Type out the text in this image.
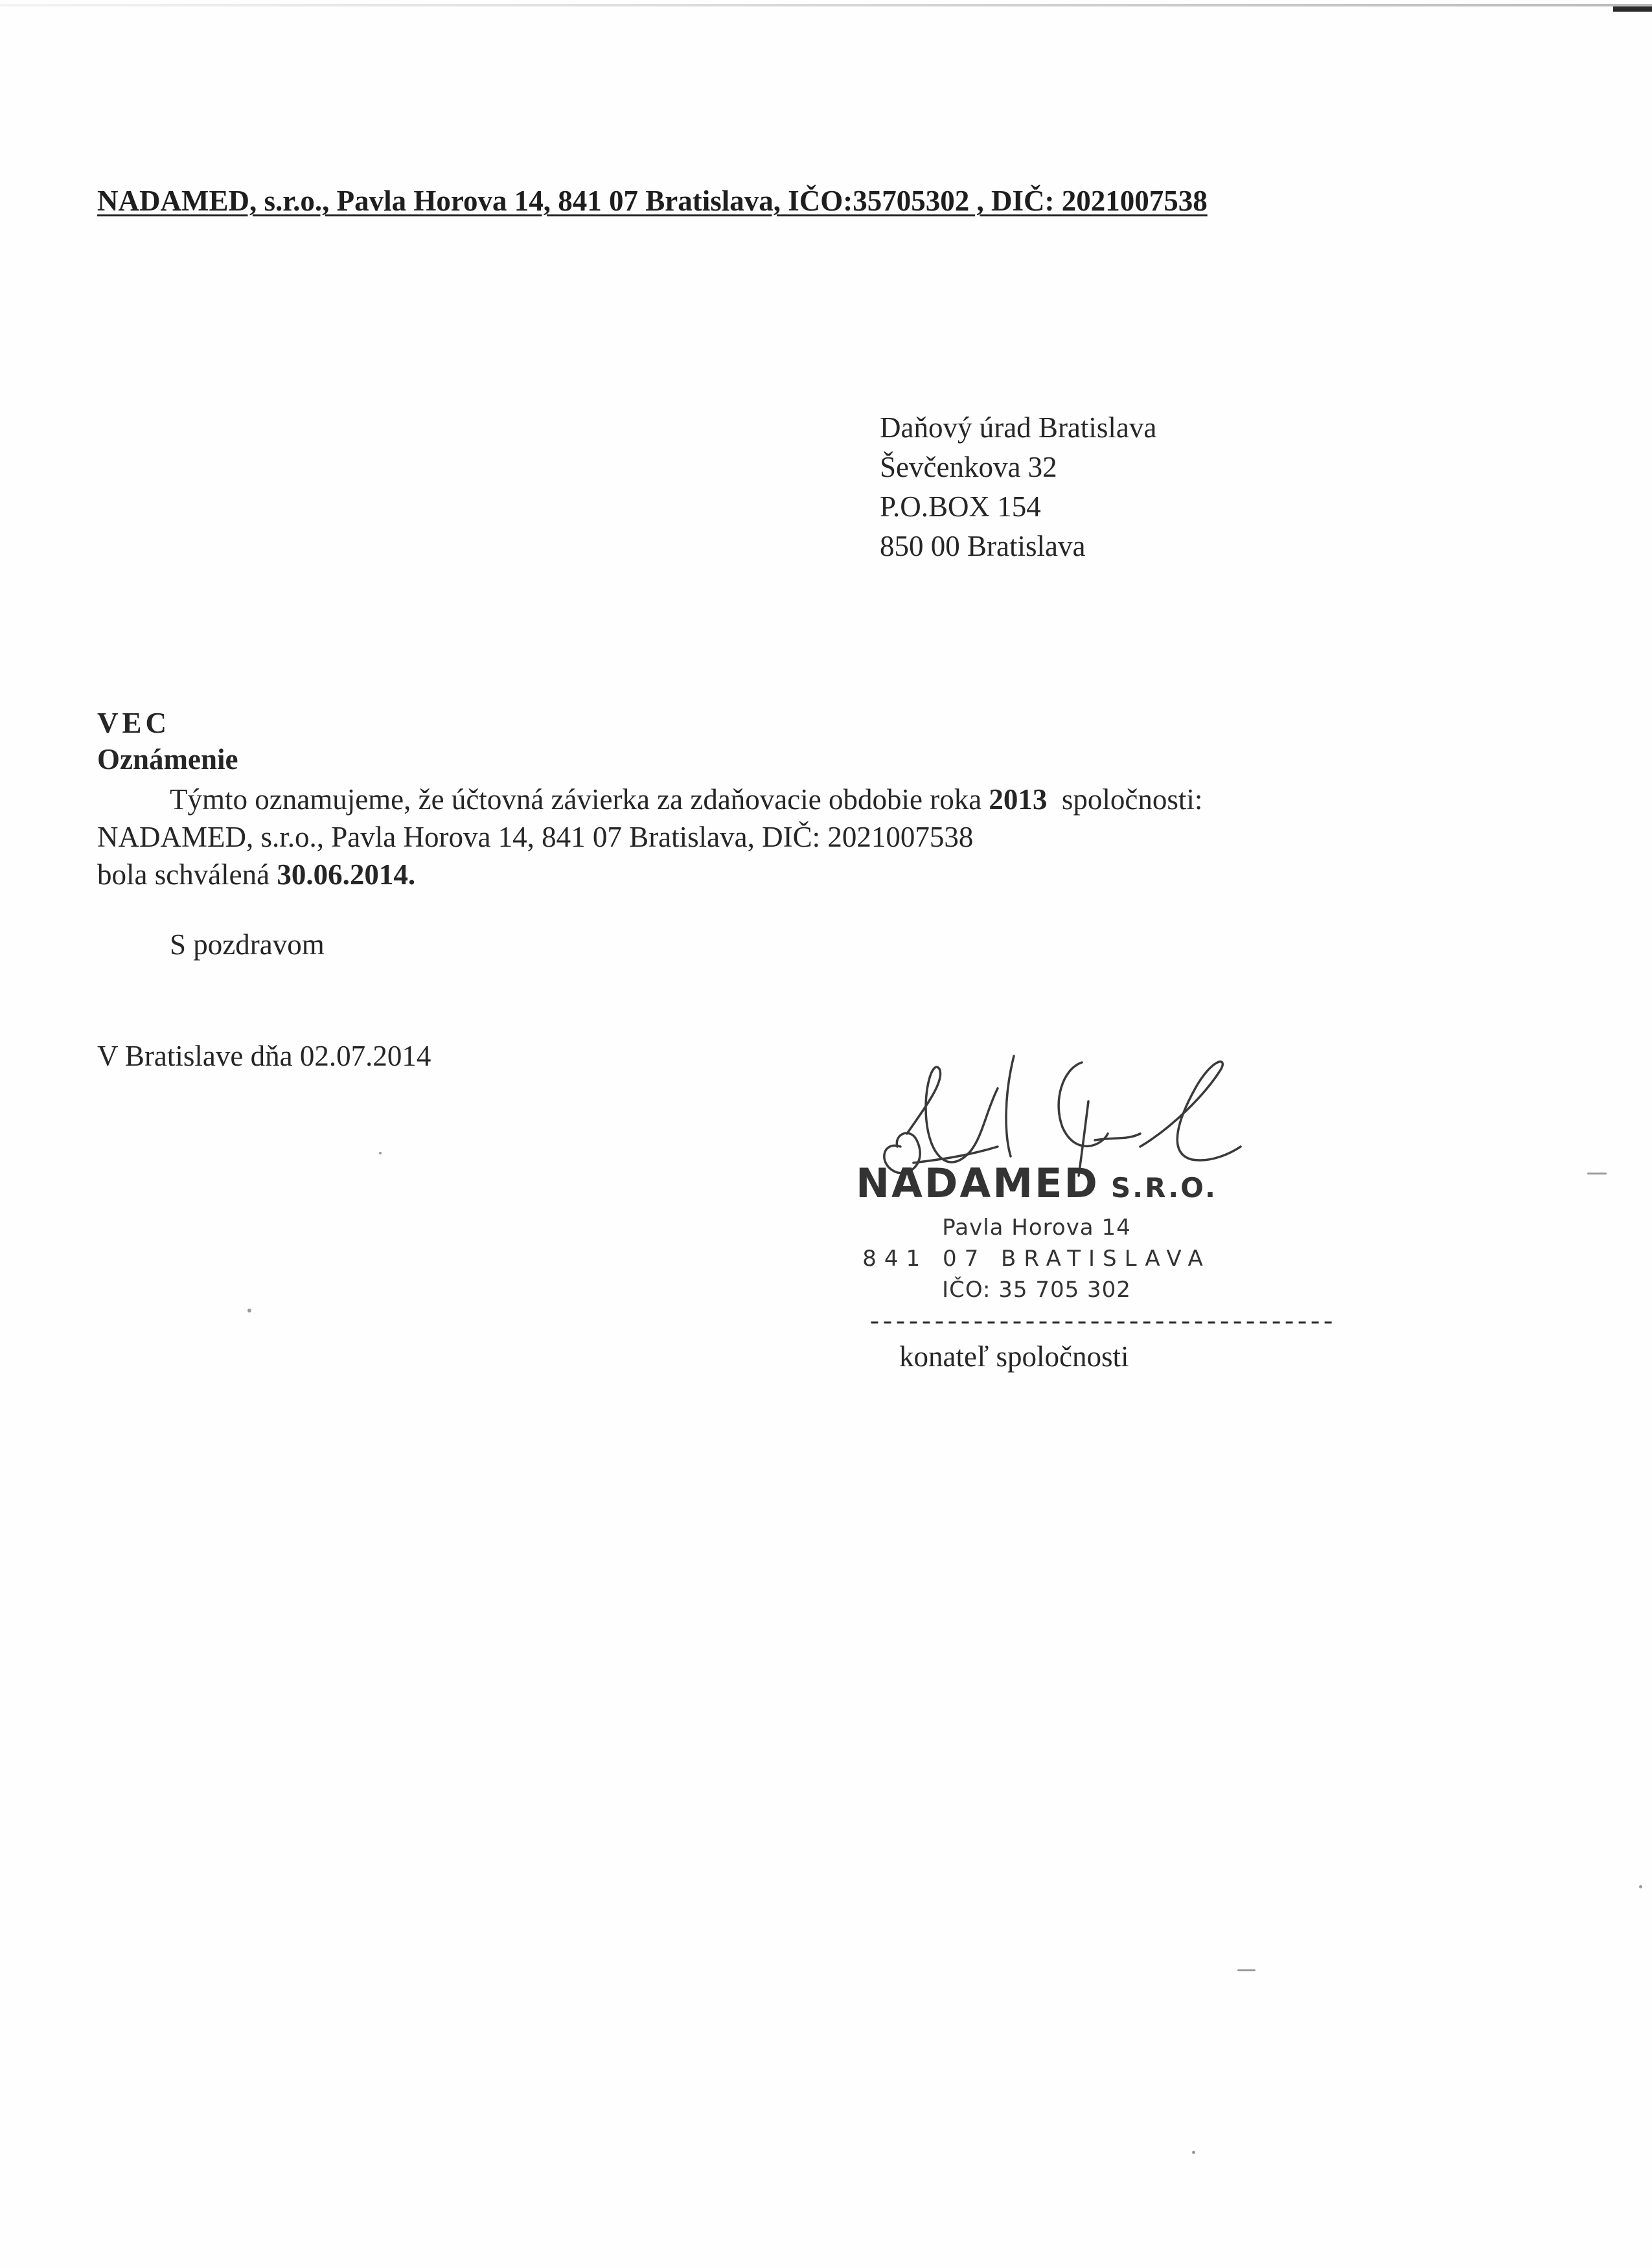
NADAMED, s.r.o., Pavla Horova 14, 841 07 Bratislava, IČO:35705302 , DIČ: 2021007538
Daňový úrad Bratislava
Ševčenkova 32
P.O.BOX 154
850 00 Bratislava
VEC
Oznámenie
Týmto oznamujeme, že účtovná závierka za zdaňovacie obdobie roka 2013  spoločnosti:
NADAMED, s.r.o., Pavla Horova 14, 841 07 Bratislava, DIČ: 2021007538
bola schválená 30.06.2014.
S pozdravom
V Bratislave dňa 02.07.2014
NADAMED S.R.O.
Pavla Horova 14
841 07 BRATISLAVA
IČO: 35 705 302
------------------------------------
konateľ spoločnosti
